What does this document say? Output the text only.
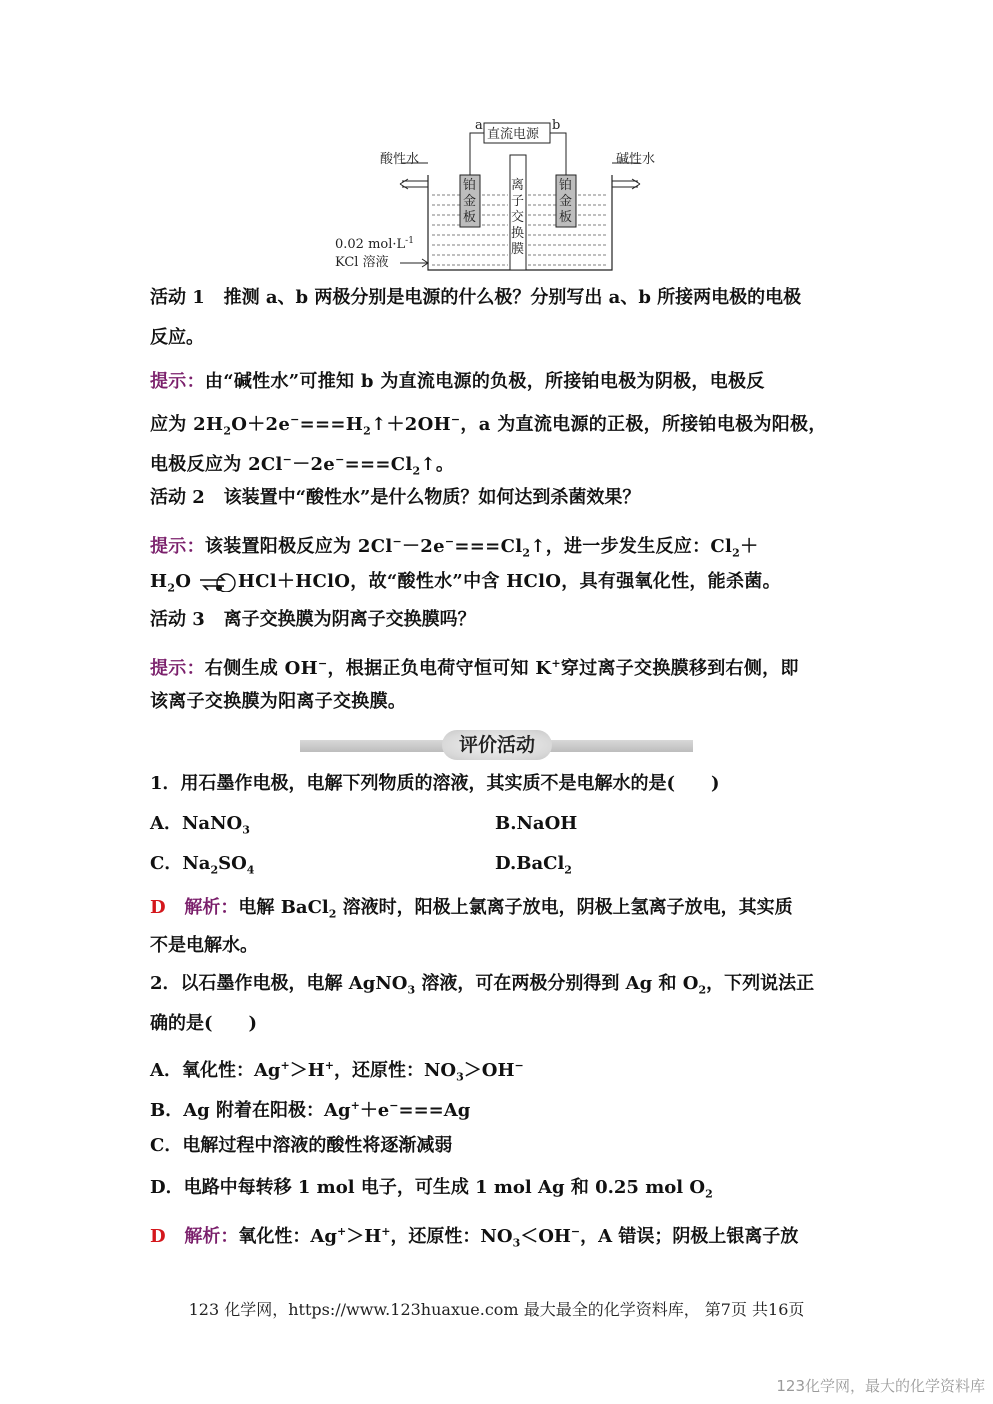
直流电源
a	b
酸性水	碱性水
铂
金
板
铂
金
板
离
子
交
换
膜
0.02 $mol\cdot L^{-1}$
KCl 溶液
活动 1 推测 a、b 两极分别是电源的什么极？分别写出 a、b 所接两电极的电极
反应。
提示：由“碱性水”可推知 b 为直流电源的负极，所接铂电极为阴极，电极反
应为 $2H_2O+2e^-===H_2↑+2OH^-$，a 为直流电源的正极，所接铂电极为阳极，
电极反应为 $2Cl^--2e^-===Cl_2↑$。
活动 2 该装置中“酸性水”是什么物质？如何达到杀菌效果？
提示：该装置阳极反应为 $2Cl^--2e^-===Cl_2↑$，进一步发生反应：$Cl_2+$
$H_2O$ ⇌HCl＋HClO，故“酸性水”中含 HClO，具有强氧化性，能杀菌。
活动 3 离子交换膜为阴离子交换膜吗？
提示：右侧生成 OH−，根据正负电荷守恒可知 K+穿过离子交换膜移到右侧，即
该离子交换膜为阳离子交换膜。
评价活动
1．用石墨作电极，电解下列物质的溶液，其实质不是电解水的是(　　)
A．NaNO$_3$	B.NaOH
C．$Na_2SO_4$	D.BaCl$_2$
D 解析：电解 BaCl$_2$ 溶液时，阳极上氯离子放电，阴极上氢离子放电，其实质
不是电解水。
2．以石墨作电极，电解 AgNO$_3$ 溶液，可在两极分别得到 Ag 和 $O_2$，下列说法正
确的是(　　)
A．氧化性：Ag+＞H+，还原性：$NO_3>OH^-$
B．Ag 附着在阳极：Ag+＋e−===Ag
C．电解过程中溶液的酸性将逐渐减弱
D．电路中每转移 1 mol 电子，可生成 1 mol Ag 和 0.25 mol $O_2$
D 解析：氧化性：Ag+＞H+，还原性：$NO_3<OH^-$，A 错误；阴极上银离子放
123 化学网，https://www.123huaxue.com 最大最全的化学资料库， 第7页 共16页
123化学网，最大的化学资料库
